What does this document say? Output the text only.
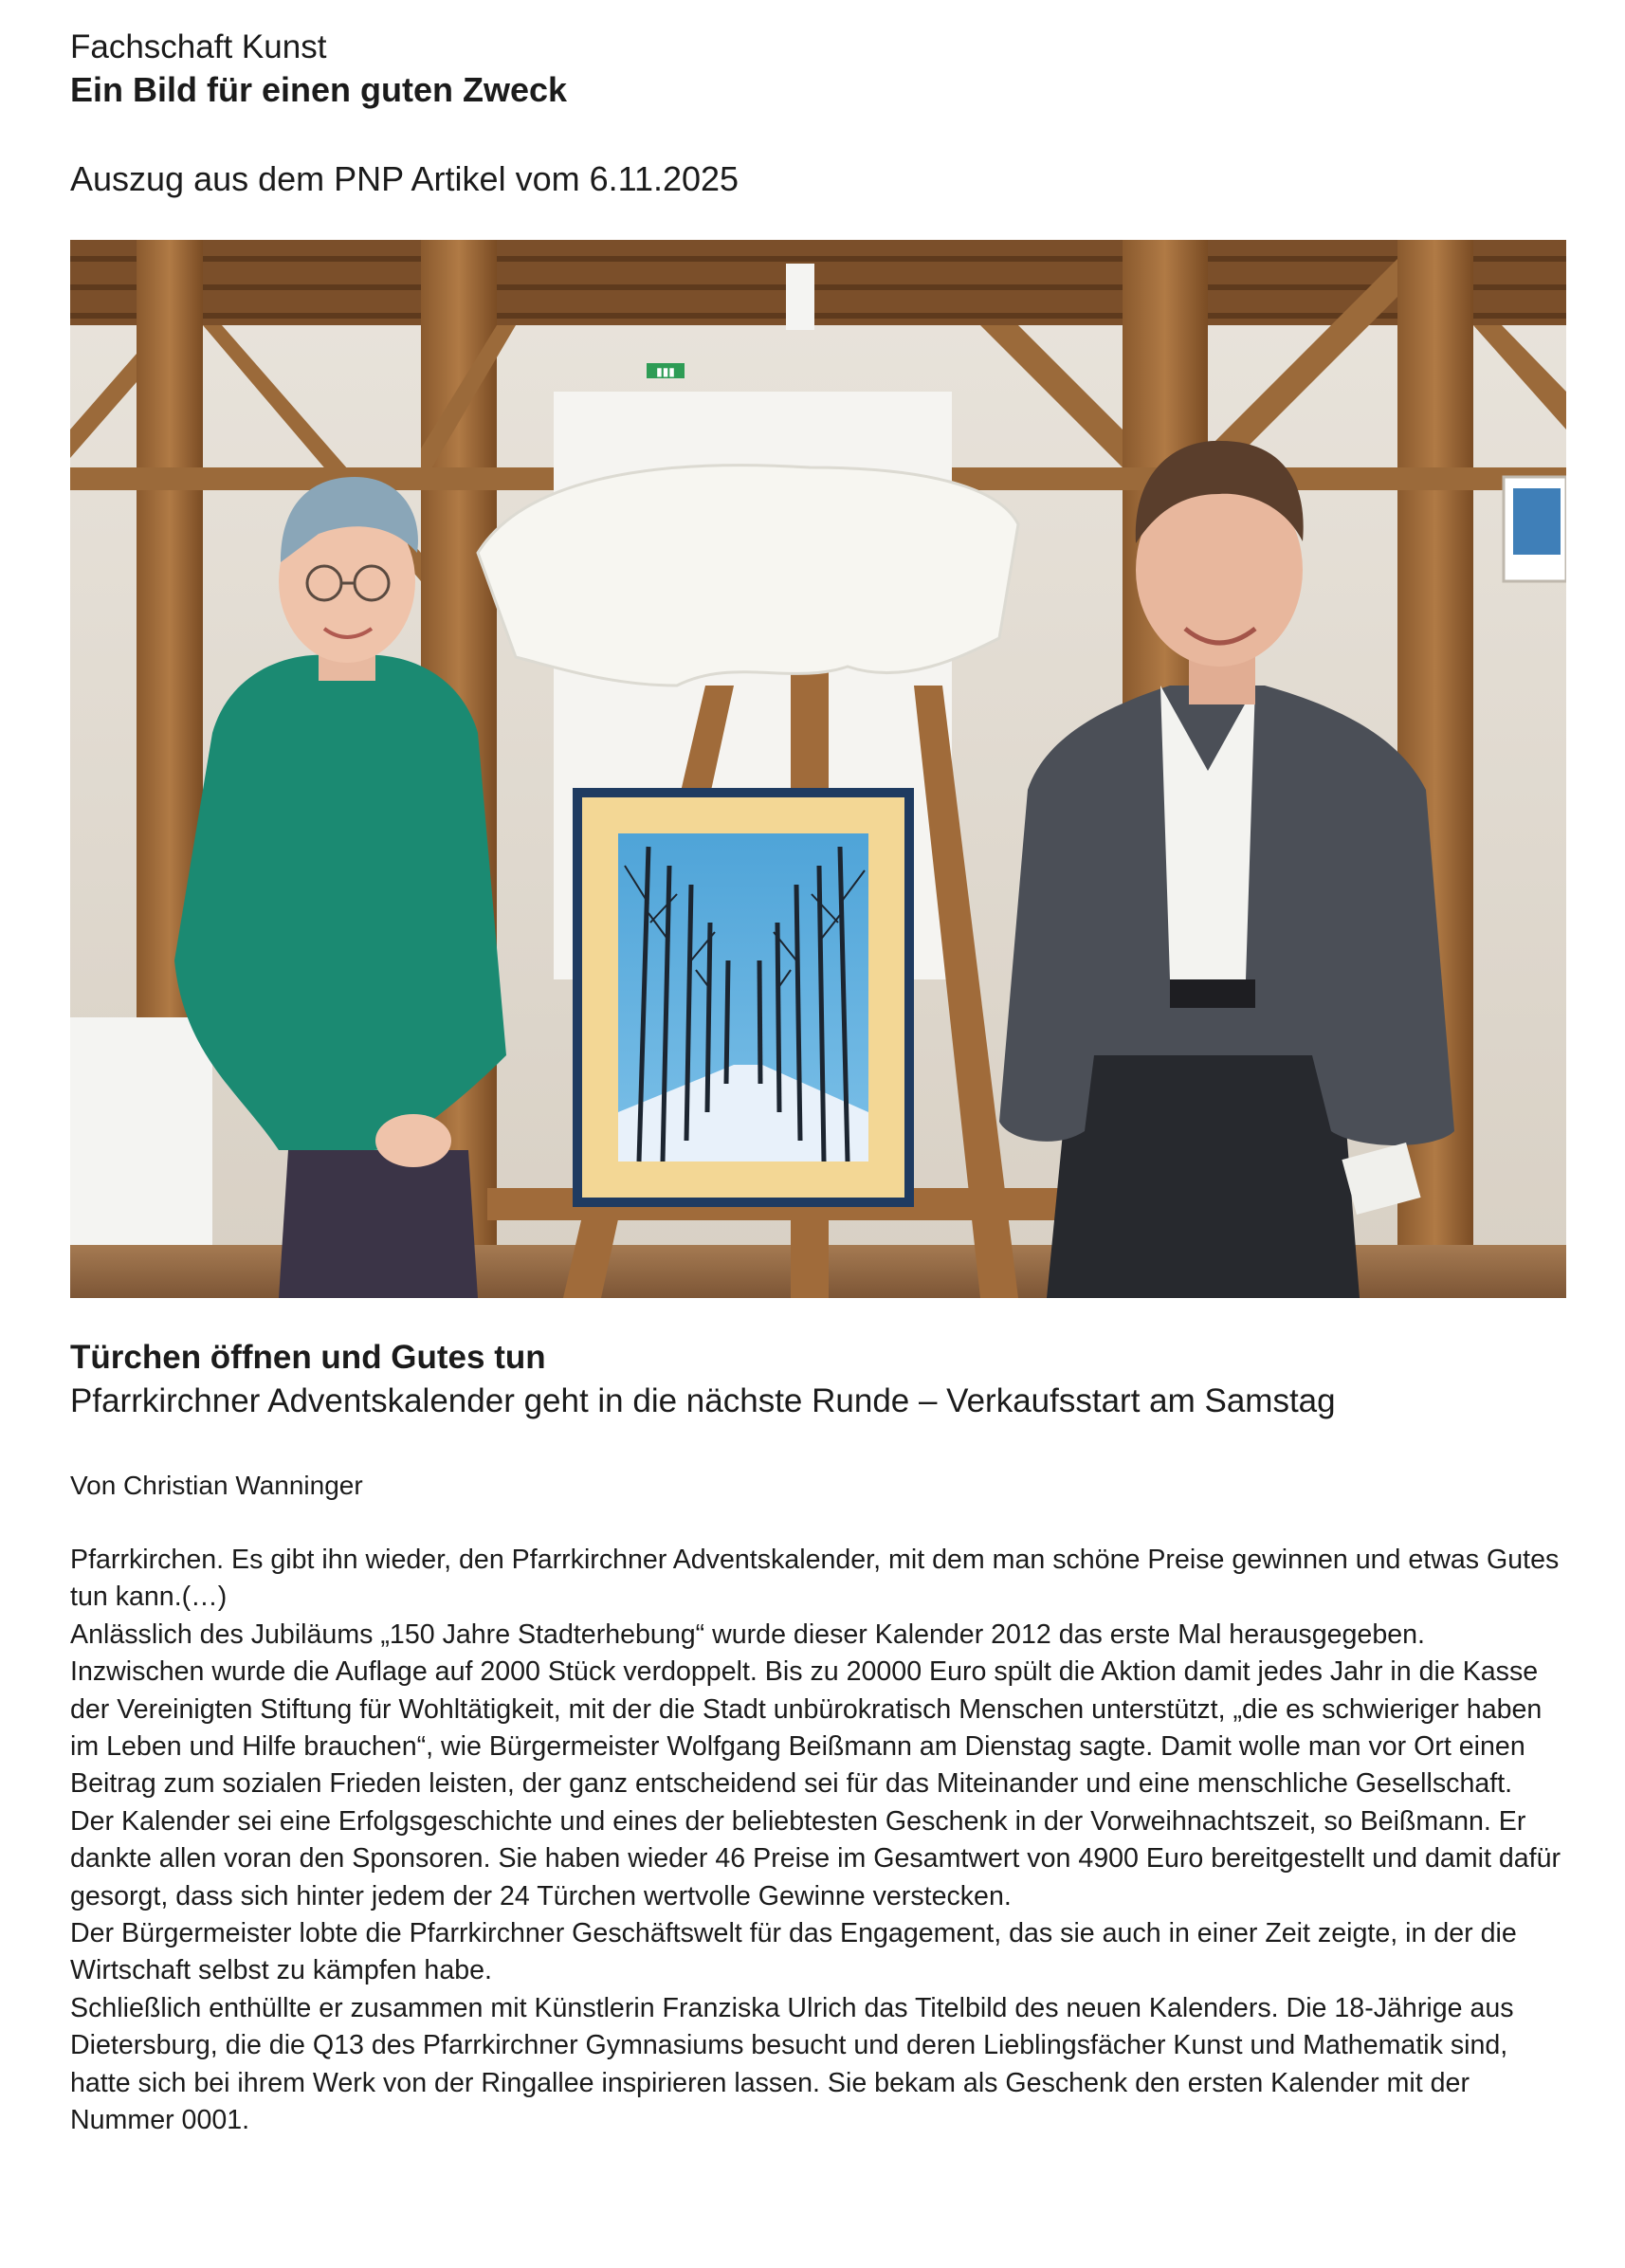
Fachschaft Kunst
Ein Bild für einen guten Zweck
Auszug aus dem PNP Artikel vom 6.11.2025
▮▮▮
Türchen öffnen und Gutes tun
Pfarrkirchner Adventskalender geht in die nächste Runde – Verkaufsstart am Samstag
Von Christian Wanninger

Pfarrkirchen. Es gibt ihn wieder, den Pfarrkirchner Adventskalender, mit dem man schöne Preise gewinnen und etwas Gutes tun kann.(…)

Anlässlich des Jubiläums „150 Jahre Stadterhebung“ wurde dieser Kalender 2012 das erste Mal herausgegeben.

Inzwischen wurde die Auflage auf 2000 Stück verdoppelt. Bis zu 20000 Euro spült die Aktion damit jedes Jahr in die Kasse der Vereinigten Stiftung für Wohltätigkeit, mit der die Stadt unbürokratisch Menschen unterstützt, „die es schwieriger haben im Leben und Hilfe brauchen“, wie Bürgermeister Wolfgang Beißmann am Dienstag sagte. Damit wolle man vor Ort einen Beitrag zum sozialen Frieden leisten, der ganz entscheidend sei für das Miteinander und eine menschliche Gesellschaft.

Der Kalender sei eine Erfolgsgeschichte und eines der beliebtesten Geschenk in der Vorweihnachtszeit, so Beißmann. Er dankte allen voran den Sponsoren. Sie haben wieder 46 Preise im Gesamtwert von 4900 Euro bereitgestellt und damit dafür gesorgt, dass sich hinter jedem der 24 Türchen wertvolle Gewinne verstecken.

Der Bürgermeister lobte die Pfarrkirchner Geschäftswelt für das Engagement, das sie auch in einer Zeit zeigte, in der die Wirtschaft selbst zu kämpfen habe.

Schließlich enthüllte er zusammen mit Künstlerin Franziska Ulrich das Titelbild des neuen Kalenders. Die 18-Jährige aus Dietersburg, die die Q13 des Pfarrkirchner Gymnasiums besucht und deren Lieblingsfächer Kunst und Mathematik sind, hatte sich bei ihrem Werk von der Ringallee inspirieren lassen. Sie bekam als Geschenk den ersten Kalender mit der Nummer 0001.
